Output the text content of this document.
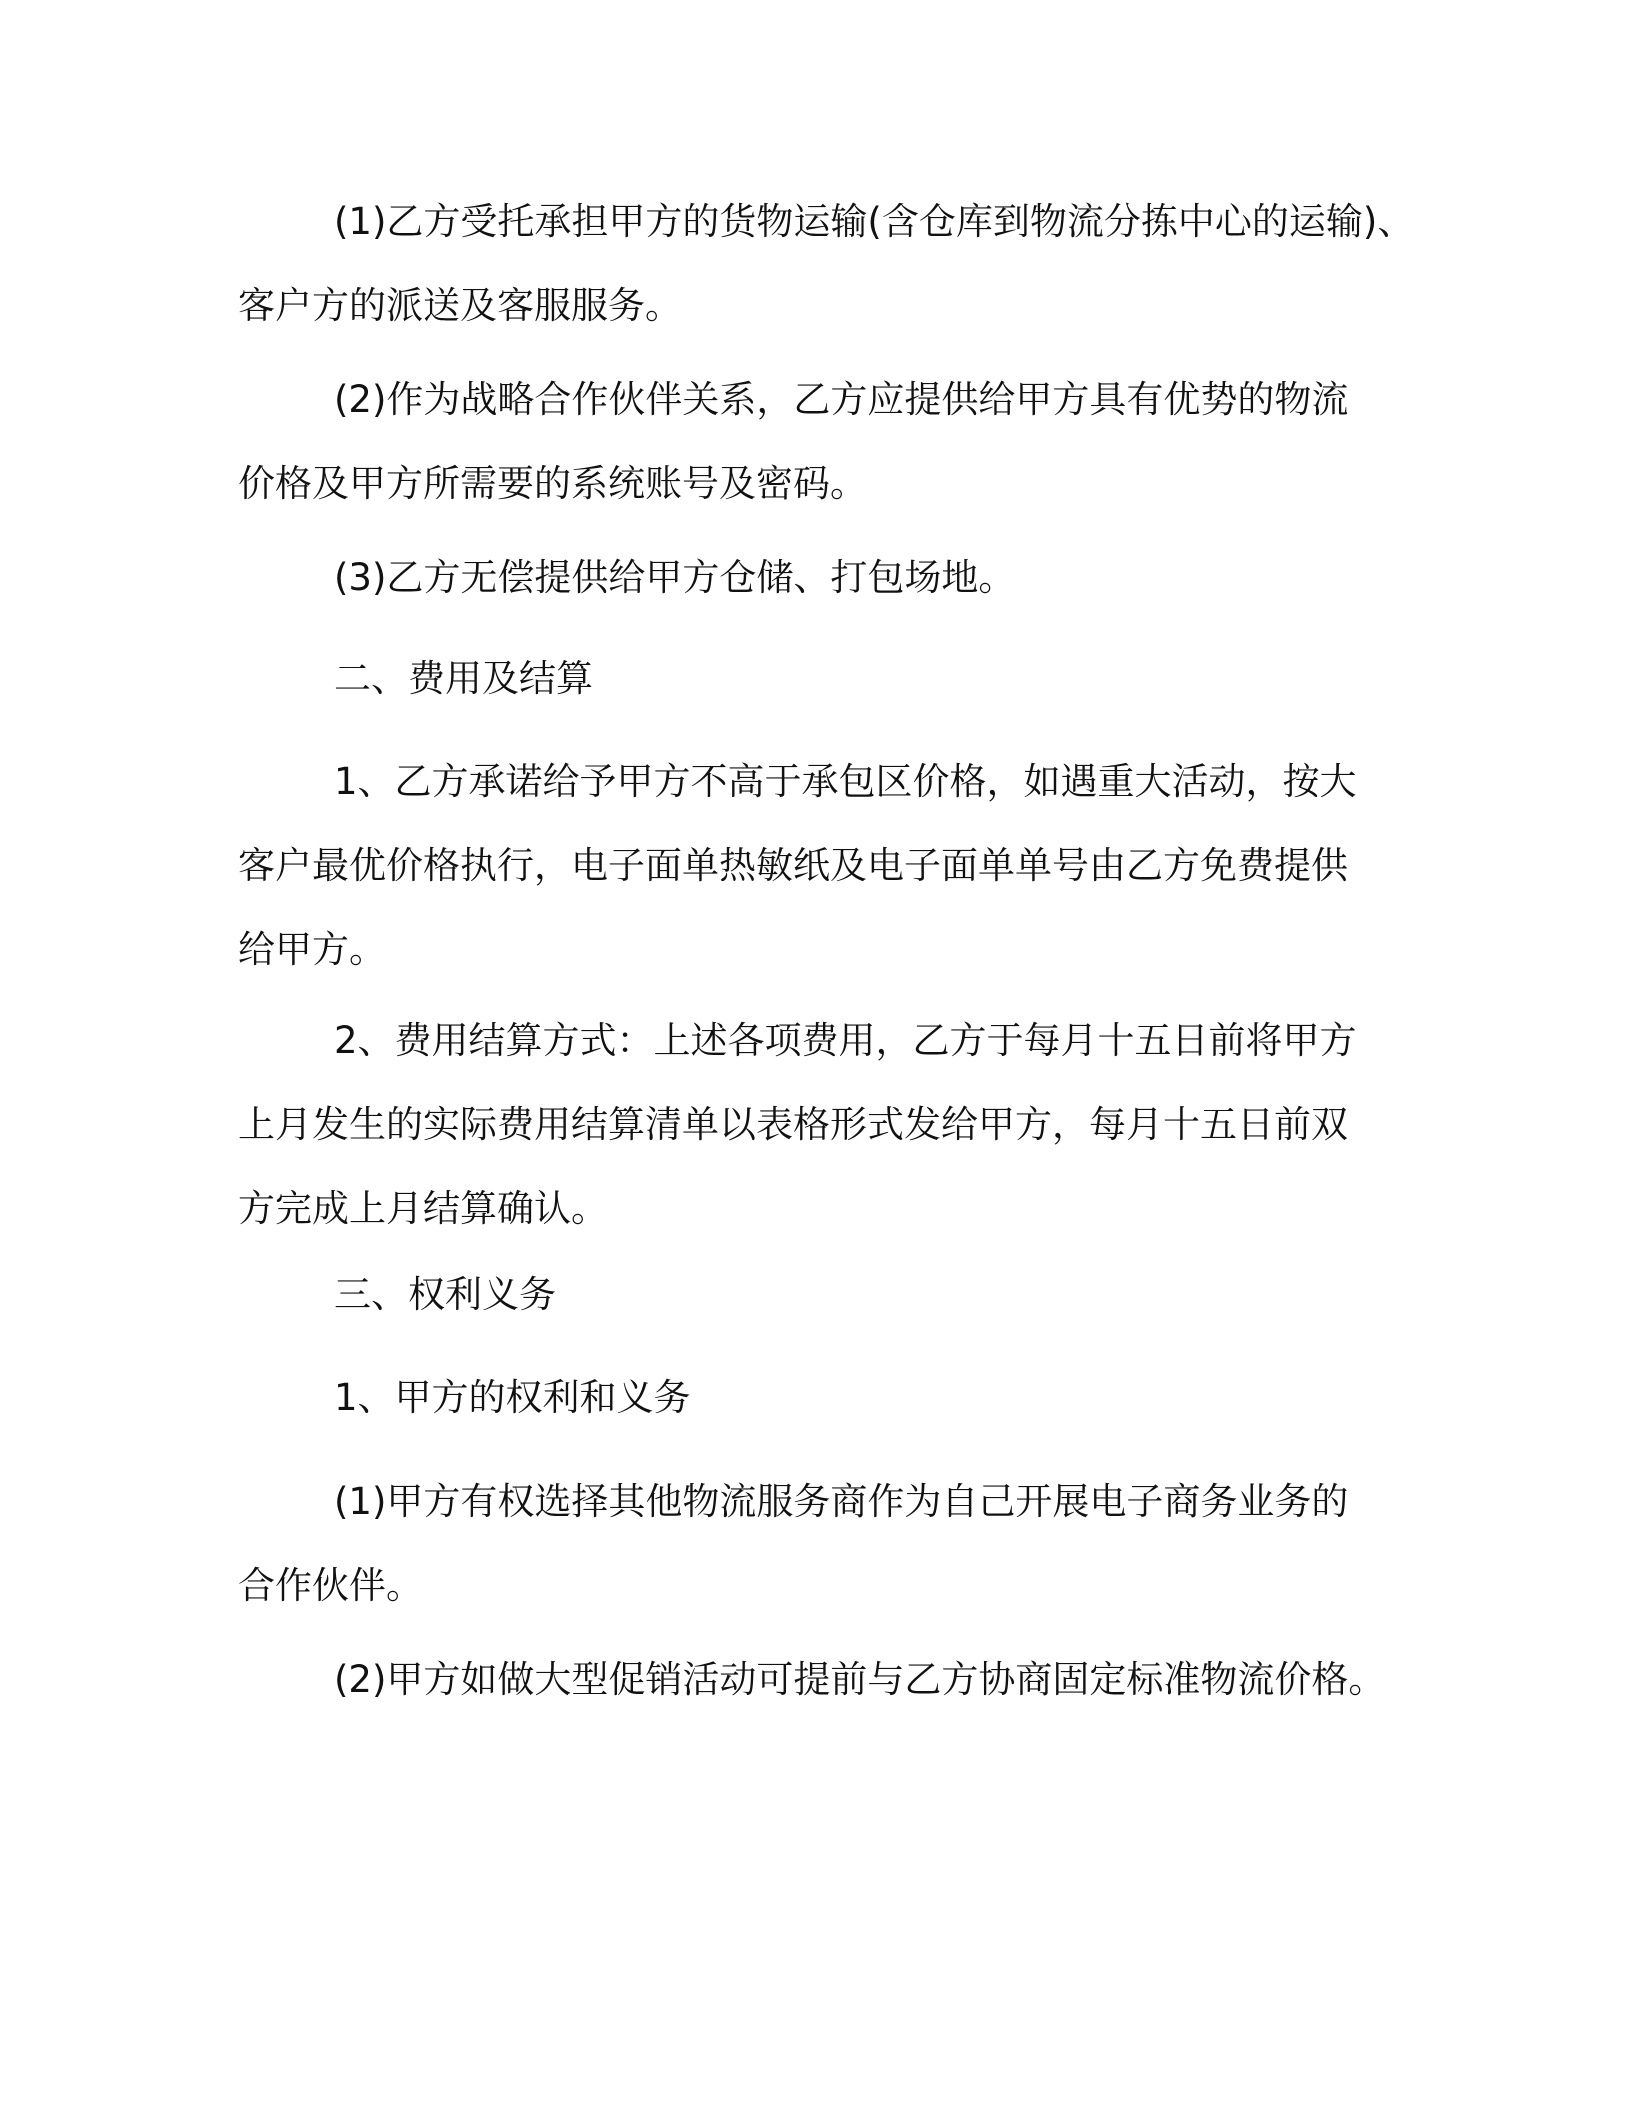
(1)乙方受托承担甲方的货物运输(含仓库到物流分拣中心的运输)、
客户方的派送及客服服务。

(2)作为战略合作伙伴关系，乙方应提供给甲方具有优势的物流
价格及甲方所需要的系统账号及密码。

(3)乙方无偿提供给甲方仓储、打包场地。

二、费用及结算

1、乙方承诺给予甲方不高于承包区价格，如遇重大活动，按大
客户最优价格执行，电子面单热敏纸及电子面单单号由乙方免费提供
给甲方。

2、费用结算方式：上述各项费用，乙方于每月十五日前将甲方
上月发生的实际费用结算清单以表格形式发给甲方，每月十五日前双
方完成上月结算确认。

三、权利义务

1、甲方的权利和义务

(1)甲方有权选择其他物流服务商作为自己开展电子商务业务的
合作伙伴。

(2)甲方如做大型促销活动可提前与乙方协商固定标准物流价格。
